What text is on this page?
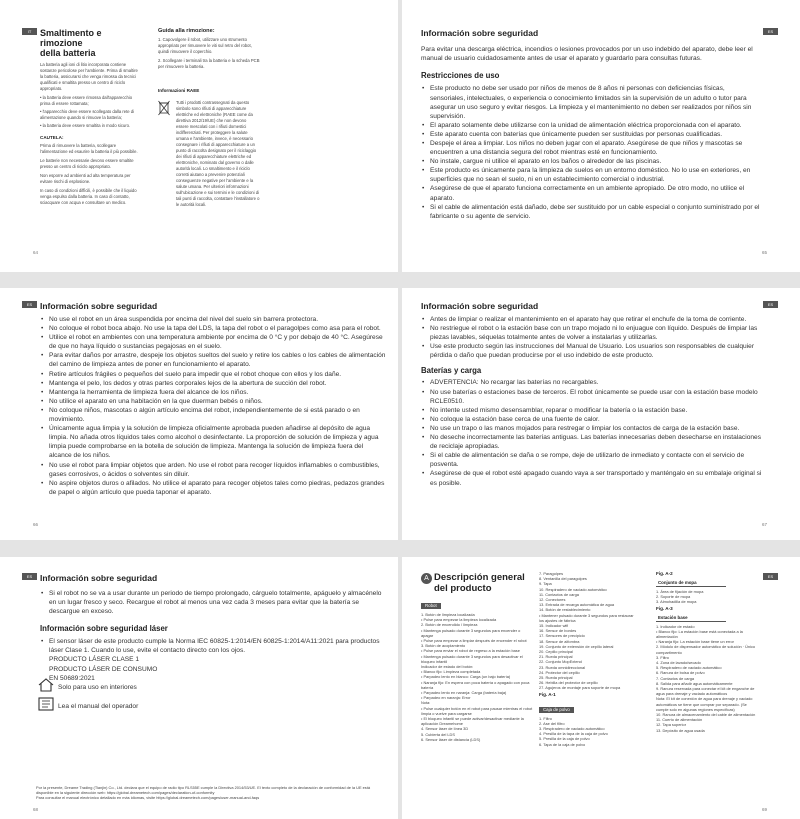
IT Smaltimento e rimozione
della batteria
La batteria agli ioni di litio incorporata contiene sostanze pericolose per l'ambiente. Prima di smaltire la batteria, assicurarsi che venga rimossa da tecnici qualificati e smaltita presso un centro di riciclo appropriato.
• la batteria deve essere rimossa dall'apparecchio prima di essere rottamata;
• l'apparecchio deve essere scollegato dalla rete di alimentazione quando si rimuove la batteria;
• la batteria deve essere smaltita in modo sicuro.
CAUTELA:
Prima di rimuovere la batteria, scollegare l'alimentazione ed esaurire la batteria il più possibile.
Le batterie non necessarie devono essere smaltite presso un centro di riciclo appropriato.
Non esporre ad ambienti ad alta temperatura per evitare rischi di esplosione.
In caso di condizioni difficili, è possibile che il liquido venga espulso dalla batteria. In caso di contatto, sciacquare con acqua e consultare un medico.
Guida alla rimozione:
1. Capovolgere il robot, utilizzare uno strumento appropriato per rimuovere le viti sul retro del robot, quindi rimuovere il coperchio.
2. Scollegare i terminali tra la batteria e la scheda PCB per rimuovere la batteria.
Informazioni RAEE
Tutti i prodotti contrassegnati da questo simbolo sono rifiuti di apparecchiature elettriche ed elettroniche (RAEE come da direttiva 2012/19/UE) che non devono essere mescolati con i rifiuti domestici indifferenziati. Per proteggere la salute umana e l'ambiente, invece, è necessario consegnare i rifiuti di apparecchiature a un punto di raccolta designato per il riciclaggio dei rifiuti di apparecchiature elettriche ed elettroniche, nominato dal governo o dalle autorità locali. Lo smaltimento e il riciclo corretti aiutano a prevenire potenziali conseguenze negative per l'ambiente e la salute umana. Per ulteriori informazioni sull'ubicazione e sui termini e le condizioni di tali punti di raccolta, contattare l'installatore o le autorità locali.
64
ES
Información sobre seguridad
Para evitar una descarga eléctrica, incendios o lesiones provocados por un uso indebido del aparato, debe leer el manual de usuario cuidadosamente antes de usar el aparato y guardarlo para consultas futuras.
Restricciones de uso
• Este producto no debe ser usado por niños de menos de 8 años ni personas con deficiencias físicas, sensoriales, intelectuales, o experiencia o conocimiento limitados sin la supervisión de un adulto o tutor para asegurar un uso seguro y evitar riesgos. La limpieza y el mantenimiento no deben ser realizados por niños sin supervisión.
• El aparato solamente debe utilizarse con la unidad de alimentación eléctrica proporcionada con el aparato.
• Este aparato cuenta con baterías que únicamente pueden ser sustituidas por personas cualificadas.
• Despeje el área a limpiar. Los niños no deben jugar con el aparato. Asegúrese de que niños y mascotas se encuentren a una distancia segura del robot mientras esté en funcionamiento.
• No instale, cargue ni utilice el aparato en los baños o alrededor de las piscinas.
• Este producto es únicamente para la limpieza de suelos en un entorno doméstico. No lo use en exteriores, en superficies que no sean el suelo, ni en un establecimiento comercial o industrial.
• Asegúrese de que el aparato funciona correctamente en un ambiente apropiado. De otro modo, no utilice el aparato.
• Si el cable de alimentación está dañado, debe ser sustituido por un cable especial o conjunto suministrado por el fabricante o su agente de servicio.
65
ES Información sobre seguridad
• No use el robot en un área suspendida por encima del nivel del suelo sin barrera protectora.
• No coloque el robot boca abajo. No use la tapa del LDS, la tapa del robot o el paragolpes como asa para el robot.
• Utilice el robot en ambientes con una temperatura ambiente por encima de 0 °C y por debajo de 40 °C. Asegúrese de que no haya líquido o sustancias pegajosas en el suelo.
• Para evitar daños por arrastre, despeje los objetos sueltos del suelo y retire los cables o los cables de alimentación del camino de limpieza antes de poner en funcionamiento el aparato.
• Retire artículos frágiles o pequeños del suelo para impedir que el robot choque con ellos y los dañe.
• Mantenga el pelo, los dedos y otras partes corporales lejos de la abertura de succión del robot.
• Mantenga la herramienta de limpieza fuera del alcance de los niños.
• No utilice el aparato en una habitación en la que duerman bebés o niños.
• No coloque niños, mascotas o algún artículo encima del robot, independientemente de si está parado o en movimiento.
• Únicamente agua limpia y la solución de limpieza oficialmente aprobada pueden añadirse al depósito de agua limpia. No añada otros líquidos tales como alcohol o desinfectante. La proporción de solución de limpieza y agua limpia puede comprobarse en la botella de solución de limpieza. Mantenga la solución de limpieza fuera del alcance de los niños.
• No use el robot para limpiar objetos que arden. No use el robot para recoger líquidos inflamables o combustibles, gases corrosivos, o ácidos o solventes sin diluir.
• No aspire objetos duros o afilados. No utilice el aparato para recoger objetos tales como piedras, pedazos grandes de papel o algún artículo que pueda taponar el aparato.
66
ES
Información sobre seguridad
• Antes de limpiar o realizar el mantenimiento en el aparato hay que retirar el enchufe de la toma de corriente.
• No restriegue el robot o la estación base con un trapo mojado ni lo enjuague con líquido. Después de limpiar las piezas lavables, séquelas totalmente antes de volver a instalarlas y utilizarlas.
• Use este producto según las instrucciones del Manual de Usuario. Los usuarios son responsables de cualquier pérdida o daño que puedan producirse por el uso indebido de este producto.
Baterías y carga
• ADVERTENCIA: No recargar las baterías no recargables.
• No use baterías o estaciones base de terceros. El robot únicamente se puede usar con la estación base modelo RCLE0510.
• No intente usted mismo desensamblar, reparar o modificar la batería o la estación base.
• No coloque la estación base cerca de una fuente de calor.
• No use un trapo o las manos mojados para restregar o limpiar los contactos de carga de la estación base.
• No deseche incorrectamente las baterías antiguas. Las baterías innecesarias deben desecharse en instalaciones de reciclaje apropiadas.
• Si el cable de alimentación se daña o se rompe, deje de utilizarlo de inmediato y contacte con el servicio de posventa.
• Asegúrese de que el robot esté apagado cuando vaya a ser transportado y manténgalo en su embalaje original si es posible.
67
ES Información sobre seguridad
• Si el robot no se va a usar durante un periodo de tiempo prolongado, cárguelo totalmente, apáguelo y almacénelo en un lugar fresco y seco. Recargue el robot al menos una vez cada 3 meses para evitar que la batería se descargue en exceso.
Información sobre seguridad láser
• El sensor láser de este producto cumple la Norma IEC 60825-1:2014/EN 60825-1:2014/A11:2021 para productos láser Clase 1. Cuando lo use, evite el contacto directo con los ojos.
PRODUCTO LÁSER CLASE 1
PRODUCTO LÁSER DE CONSUMO
EN 50689:2021
Solo para uso en interiores
Lea el manual del operador
Por la presente, Dreame Trading (Tianjin) Co., Ltd. declara que el equipo de radio tipo RLS55E cumple la Directiva 2014/53/UE. El texto completo de la declaración de conformidad de la UE está disponible en la siguiente dirección web: https://global.dreametech.com/pages/declaration-of-conformity
Para consultar el manual electrónico detallado en más idiomas, visite https://global.dreametech.com/pages/user-manual-and-faqs
68
ES
A Descripción general
del producto
Robot
1. Botón de limpieza localizada
• Pulse para empezar la limpieza localizada
2. Botón de encendido / limpieza
• Mantenga pulsado durante 3 segundos para encender o apagar
• Pulse para empezar a limpiar después de encender el robot
3. Botón de acoplamiento
• Pulse para enviar el robot de regreso a la estación base
• Mantenga pulsado durante 3 segundos para desactivar el bloqueo infantil
Indicador de estado del botón:
• Blanco fijo: Limpieza completada
• Parpadeo lento en blanco: Carga (un bajo batería)
• Naranja fijo: En espera con poca batería o apagado con poca batería
• Parpadeo lento en naranja: Carga (batería baja)
• Parpadeo en naranja: Error
Nota:
• Pulse cualquier botón en el robot para pausar mientras el robot limpia o vuelve para cargarse
• El bloqueo infantil se puede activar/desactivar mediante la aplicación Dreamehome
4. Sensor láser de línea 3D
5. Cubierta del LDS
6. Sensor láser de distancia (LDS)
7. Paragolpes
8. Ventanilla del paragolpes
9. Tapa
10. Respiradero de vaciado automático
11. Contactos de carga
12. Conectores
13. Entrada de recarga automática de agua
14. Botón de restablecimiento
• Mantener pulsado durante 3 segundos para restaurar los ajustes de fábrica
15. Indicador wifi
16. Sensor de bordes
17. Sensores de precipicio
18. Sensor de alfombra
19. Conjunto de extensión de cepillo lateral
20. Cepillo principal
21. Rueda principal
22. Conjunto MopExtend
23. Rueda omnidireccional
24. Protector del cepillo
25. Rueda principal
26. Hebilla del protector de cepillo
27. Agujeros de montaje para soporte de mopa
Fig. A-1
Caja de polvo
1. Filtro
2. Ase del filtro
3. Respiradero de vaciado automático
4. Presilla de la tapa de la caja de polvo
5. Presilla de la caja de polvo
6. Tapa de la caja de polvo
Fig. A-2
Conjunto de mopa
1. Área de fijación de mopa
2. Soporte de mopa
3. Almohadilla de mopa
Fig. A-3
Estación base
1. Indicador de estado
• Blanco fijo: La estación base está conectada a la alimentación
• Naranja fijo: La estación base tiene un error
2. Módulo de dispensador automático de solución · Único compartimento
3. Filtro
4. Zona de lavado/secado
5. Respiradero de vaciado automático
6. Ranura de bolsa de polvo
7. Contactos de carga
8. Salida para añadir agua automáticamente
9. Ranura reservada para conectar el kit de enganche de agua para drenaje y vaciado automáticos
Nota: El kit de conexión de agua para drenaje y vaciado automáticos se tiene que comprar por separado. (Se cumple solo en algunas regiones específicas)
10. Ranura de almacenamiento del cable de alimentación
11. Cuerto de alimentación
12. Tapa superior
13. Depósito de agua usada
69
